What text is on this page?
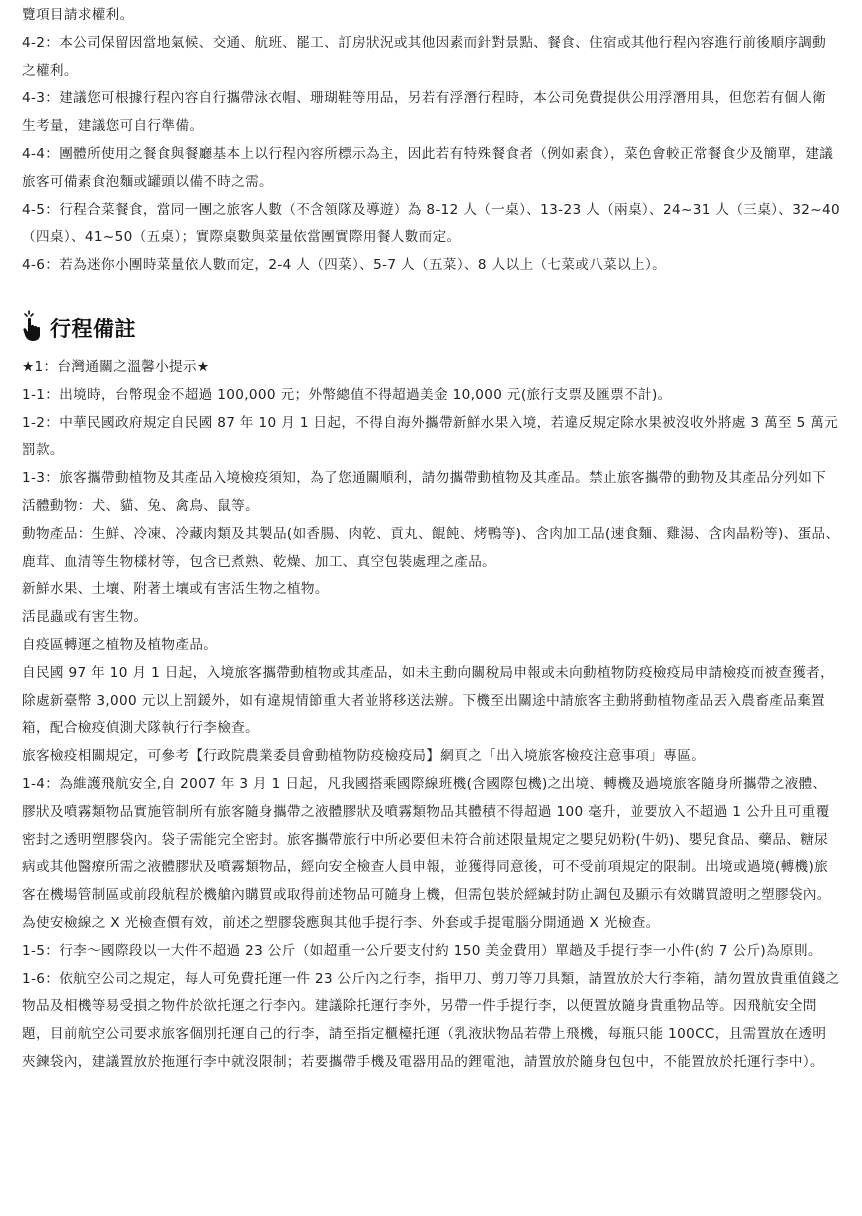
覽項目請求權利。

4-2：本公司保留因當地氣候、交通、航班、罷工、訂房狀況或其他因素而針對景點、餐食、住宿或其他行程內容進行前後順序調動之權利。

4-3：建議您可根據行程內容自行攜帶泳衣帽、珊瑚鞋等用品，另若有浮潛行程時，本公司免費提供公用浮潛用具，但您若有個人衛生考量，建議您可自行準備。

4-4：團體所使用之餐食與餐廳基本上以行程內容所標示為主，因此若有特殊餐食者（例如素食），菜色會較正常餐食少及簡單，建議旅客可備素食泡麵或罐頭以備不時之需。

4-5：行程合菜餐食，當同一團之旅客人數（不含領隊及導遊）為 8-12 人（一桌）、13-23 人（兩桌）、24~31 人（三桌）、32~40（四桌）、41~50（五桌）；實際桌數與菜量依當團實際用餐人數而定。

4-6：若為迷你小團時菜量依人數而定，2-4 人（四菜）、5-7 人（五菜）、8 人以上（七菜或八菜以上）。

行程備註

★1：台灣通關之溫馨小提示★

1-1：出境時，台幣現金不超過 100,000 元；外幣總值不得超過美金 10,000 元(旅行支票及匯票不計)。

1-2：中華民國政府規定自民國 87 年 10 月 1 日起，不得自海外攜帶新鮮水果入境，若違反規定除水果被沒收外將處 3 萬至 5 萬元罰款。

1-3：旅客攜帶動植物及其產品入境檢疫須知，為了您通關順利，請勿攜帶動植物及其產品。禁止旅客攜帶的動物及其產品分列如下

活體動物：犬、貓、兔、禽鳥、鼠等。

動物產品：生鮮、冷凍、冷藏肉類及其製品(如香腸、肉乾、貢丸、餛飩、烤鴨等)、含肉加工品(速食麵、雞湯、含肉晶粉等)、蛋品、鹿茸、血清等生物樣材等，包含已煮熟、乾燥、加工、真空包裝處理之產品。

新鮮水果、土壤、附著土壤或有害活生物之植物。

活昆蟲或有害生物。

自疫區轉運之植物及植物產品。

自民國 97 年 10 月 1 日起，入境旅客攜帶動植物或其產品，如未主動向關稅局申報或未向動植物防疫檢疫局申請檢疫而被查獲者，除處新臺幣 3,000 元以上罰鍰外，如有違規情節重大者並將移送法辦。下機至出關途中請旅客主動將動植物產品丟入農畜產品棄置箱，配合檢疫偵測犬隊執行行李檢查。

旅客檢疫相關規定，可參考【行政院農業委員會動植物防疫檢疫局】網頁之「出入境旅客檢疫注意事項」專區。

1-4：為維護飛航安全,自 2007 年 3 月 1 日起，凡我國搭乘國際線班機(含國際包機)之出境、轉機及過境旅客隨身所攜帶之液體、膠狀及噴霧類物品實施管制所有旅客隨身攜帶之液體膠狀及噴霧類物品其體積不得超過 100 毫升，並要放入不超過 1 公升且可重覆密封之透明塑膠袋內。袋子需能完全密封。旅客攜帶旅行中所必要但未符合前述限量規定之嬰兒奶粉(牛奶)、嬰兒食品、藥品、糖尿病或其他醫療所需之液體膠狀及噴霧類物品，經向安全檢查人員申報，並獲得同意後，可不受前項規定的限制。出境或過境(轉機)旅客在機場管制區或前段航程於機艙內購買或取得前述物品可隨身上機，但需包裝於經緘封防止調包及顯示有效購買證明之塑膠袋內。為使安檢線之 X 光檢查價有效，前述之塑膠袋應與其他手提行李、外套或手提電腦分開通過 X 光檢查。

1-5：行李～國際段以一大件不超過 23 公斤（如超重一公斤要支付約 150 美金費用）單趟及手提行李一小件(約 7 公斤)為原則。

1-6：依航空公司之規定，每人可免費托運一件 23 公斤內之行李，指甲刀、剪刀等刀具類，請置放於大行李箱，請勿置放貴重值錢之物品及相機等易受損之物件於欲托運之行李內。建議除托運行李外，另帶一件手提行李，以便置放隨身貴重物品等。因飛航安全問題，目前航空公司要求旅客個別托運自己的行李，請至指定櫃檯托運（乳液狀物品若帶上飛機，每瓶只能 100CC，且需置放在透明夾鍊袋內，建議置放於拖運行李中就沒限制；若要攜帶手機及電器用品的鋰電池，請置放於隨身包包中，不能置放於托運行李中）。
